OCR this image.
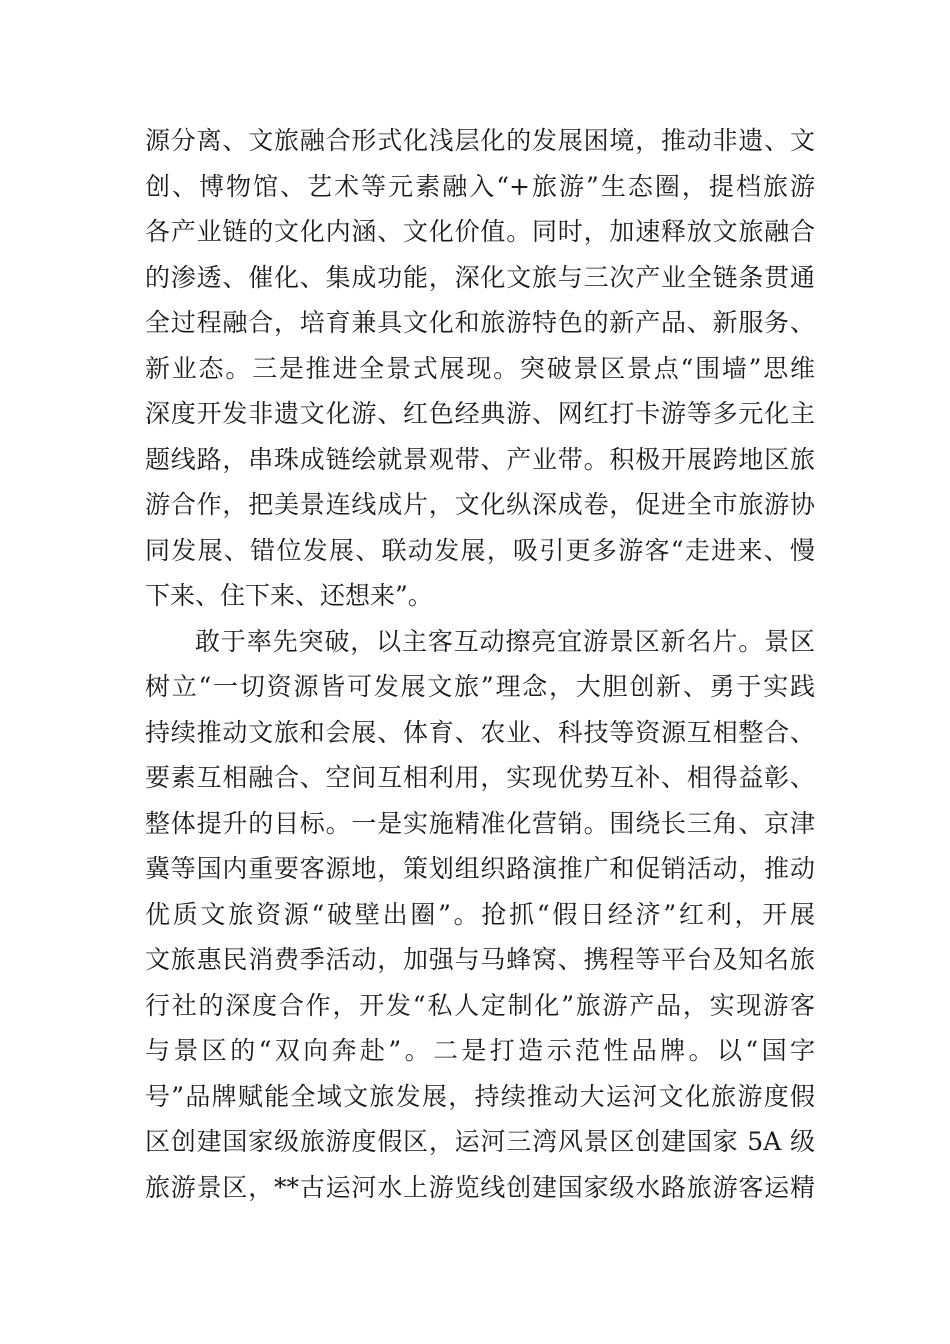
源分离、文旅融合形式化浅层化的发展困境，推动非遗、文
创、博物馆、艺术等元素融入“+旅游”生态圈，提档旅游
各产业链的文化内涵、文化价值。同时，加速释放文旅融合
的渗透、催化、集成功能，深化文旅与三次产业全链条贯通
全过程融合，培育兼具文化和旅游特色的新产品、新服务、
新业态。三是推进全景式展现。突破景区景点“围墙”思维
深度开发非遗文化游、红色经典游、网红打卡游等多元化主
题线路，串珠成链绘就景观带、产业带。积极开展跨地区旅
游合作，把美景连线成片，文化纵深成卷，促进全市旅游协
同发展、错位发展、联动发展，吸引更多游客“走进来、慢
下来、住下来、还想来”。
敢于率先突破，以主客互动擦亮宜游景区新名片。景区
树立“一切资源皆可发展文旅”理念，大胆创新、勇于实践
持续推动文旅和会展、体育、农业、科技等资源互相整合、
要素互相融合、空间互相利用，实现优势互补、相得益彰、
整体提升的目标。一是实施精准化营销。围绕长三角、京津
冀等国内重要客源地，策划组织路演推广和促销活动，推动
优质文旅资源“破壁出圈”。抢抓“假日经济”红利，开展
文旅惠民消费季活动，加强与马蜂窝、携程等平台及知名旅
行社的深度合作，开发“私人定制化”旅游产品，实现游客
与景区的“双向奔赴”。二是打造示范性品牌。以“国字
号”品牌赋能全域文旅发展，持续推动大运河文化旅游度假
区创建国家级旅游度假区，运河三湾风景区创建国家 5A 级
旅游景区，**古运河水上游览线创建国家级水路旅游客运精
